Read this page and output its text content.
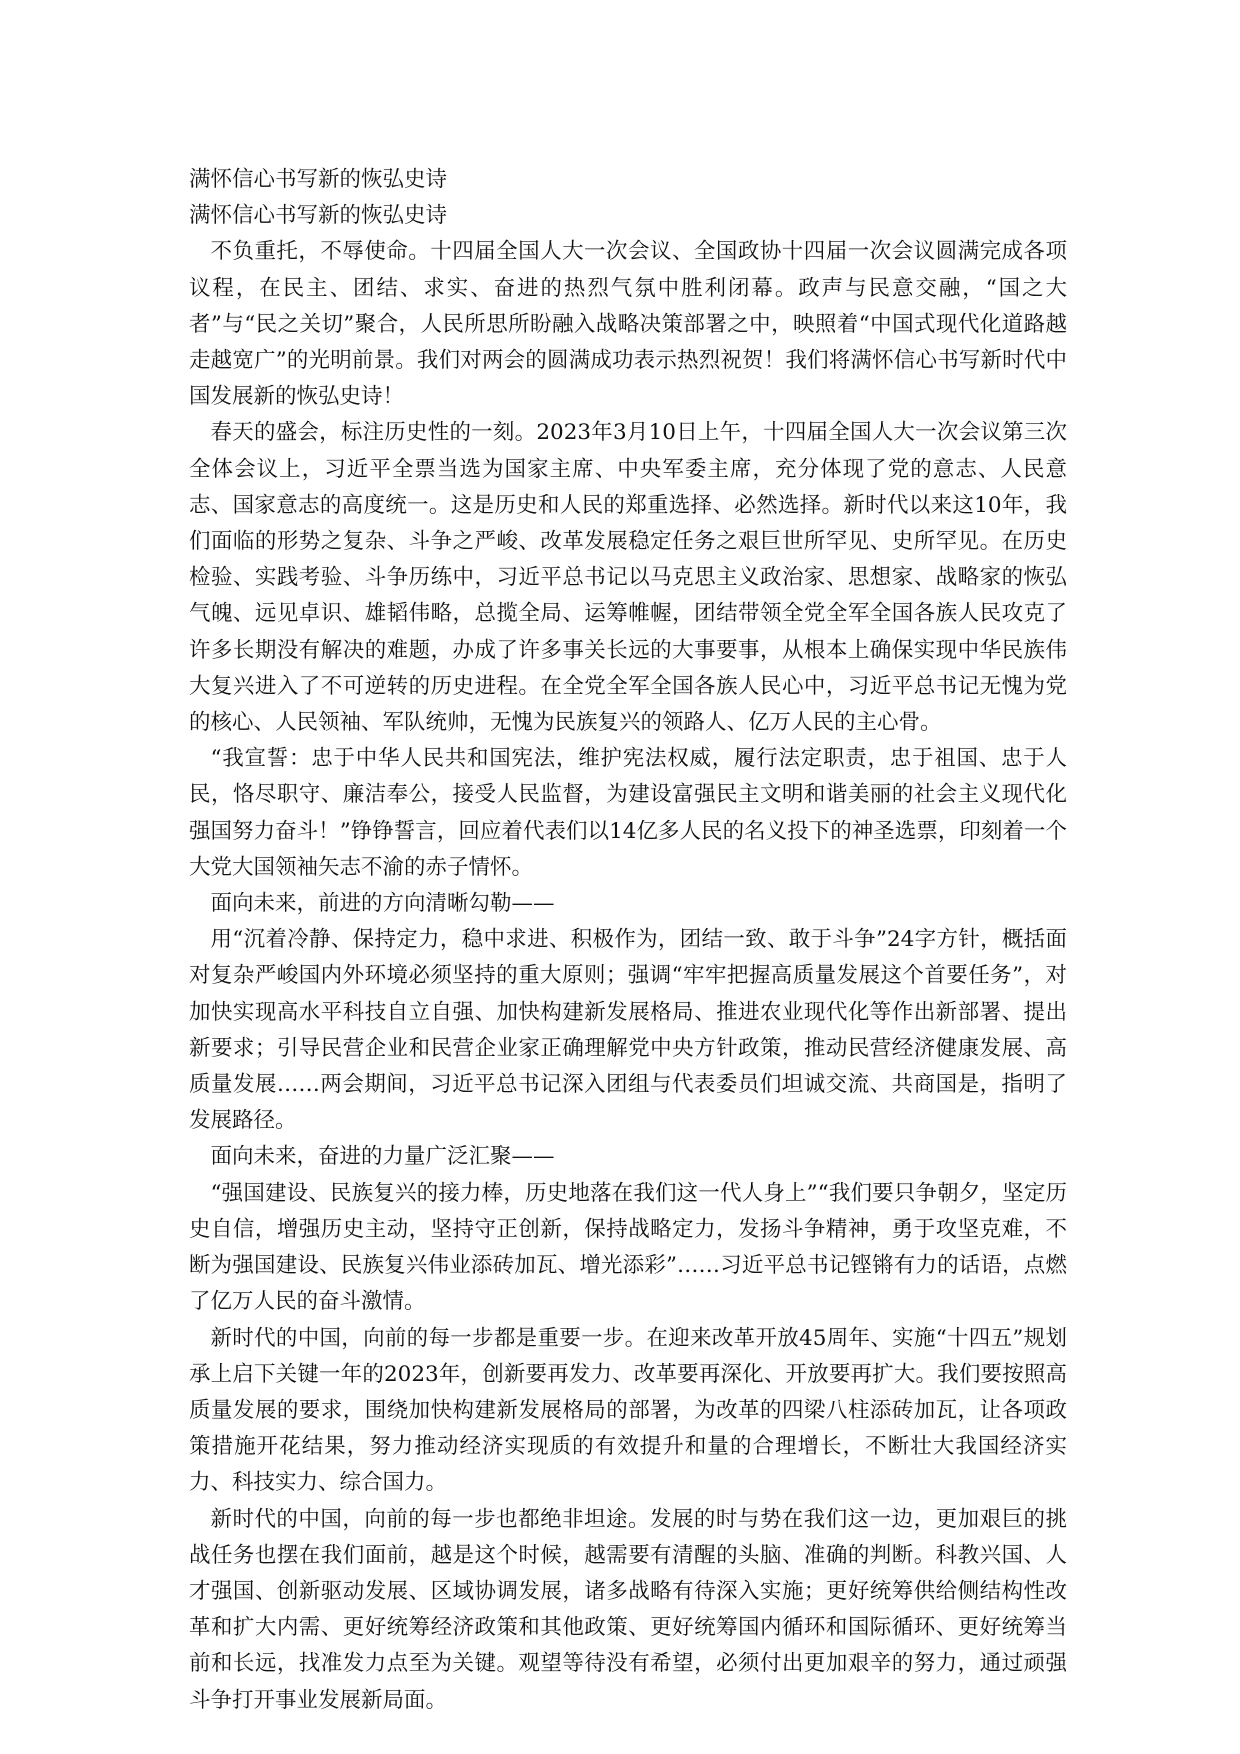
满怀信心书写新的恢弘史诗

满怀信心书写新的恢弘史诗

不负重托，不辱使命。十四届全国人大一次会议、全国政协十四届一次会议圆满完成各项议程，在民主、团结、求实、奋进的热烈气氛中胜利闭幕。政声与民意交融，“国之大者”与“民之关切”聚合，人民所思所盼融入战略决策部署之中，映照着“中国式现代化道路越走越宽广”的光明前景。我们对两会的圆满成功表示热烈祝贺！我们将满怀信心书写新时代中国发展新的恢弘史诗！

春天的盛会，标注历史性的一刻。2023年3月10日上午，十四届全国人大一次会议第三次全体会议上，习近平全票当选为国家主席、中央军委主席，充分体现了党的意志、人民意志、国家意志的高度统一。这是历史和人民的郑重选择、必然选择。新时代以来这10年，我们面临的形势之复杂、斗争之严峻、改革发展稳定任务之艰巨世所罕见、史所罕见。在历史检验、实践考验、斗争历练中，习近平总书记以马克思主义政治家、思想家、战略家的恢弘气魄、远见卓识、雄韬伟略，总揽全局、运筹帷幄，团结带领全党全军全国各族人民攻克了许多长期没有解决的难题，办成了许多事关长远的大事要事，从根本上确保实现中华民族伟大复兴进入了不可逆转的历史进程。在全党全军全国各族人民心中，习近平总书记无愧为党的核心、人民领袖、军队统帅，无愧为民族复兴的领路人、亿万人民的主心骨。

“我宣誓：忠于中华人民共和国宪法，维护宪法权威，履行法定职责，忠于祖国、忠于人民，恪尽职守、廉洁奉公，接受人民监督，为建设富强民主文明和谐美丽的社会主义现代化强国努力奋斗！”铮铮誓言，回应着代表们以14亿多人民的名义投下的神圣选票，印刻着一个大党大国领袖矢志不渝的赤子情怀。

面向未来，前进的方向清晰勾勒——

用“沉着冷静、保持定力，稳中求进、积极作为，团结一致、敢于斗争”24字方针，概括面对复杂严峻国内外环境必须坚持的重大原则；强调“牢牢把握高质量发展这个首要任务”，对加快实现高水平科技自立自强、加快构建新发展格局、推进农业现代化等作出新部署、提出新要求；引导民营企业和民营企业家正确理解党中央方针政策，推动民营经济健康发展、高质量发展……两会期间，习近平总书记深入团组与代表委员们坦诚交流、共商国是，指明了发展路径。

面向未来，奋进的力量广泛汇聚——

“强国建设、民族复兴的接力棒，历史地落在我们这一代人身上”“我们要只争朝夕，坚定历史自信，增强历史主动，坚持守正创新，保持战略定力，发扬斗争精神，勇于攻坚克难，不断为强国建设、民族复兴伟业添砖加瓦、增光添彩”……习近平总书记铿锵有力的话语，点燃了亿万人民的奋斗激情。

新时代的中国，向前的每一步都是重要一步。在迎来改革开放45周年、实施“十四五”规划承上启下关键一年的2023年，创新要再发力、改革要再深化、开放要再扩大。我们要按照高质量发展的要求，围绕加快构建新发展格局的部署，为改革的四梁八柱添砖加瓦，让各项政策措施开花结果，努力推动经济实现质的有效提升和量的合理增长，不断壮大我国经济实力、科技实力、综合国力。

新时代的中国，向前的每一步也都绝非坦途。发展的时与势在我们这一边，更加艰巨的挑战任务也摆在我们面前，越是这个时候，越需要有清醒的头脑、准确的判断。科教兴国、人才强国、创新驱动发展、区域协调发展，诸多战略有待深入实施；更好统筹供给侧结构性改革和扩大内需、更好统筹经济政策和其他政策、更好统筹国内循环和国际循环、更好统筹当前和长远，找准发力点至为关键。观望等待没有希望，必须付出更加艰辛的努力，通过顽强斗争打开事业发展新局面。
